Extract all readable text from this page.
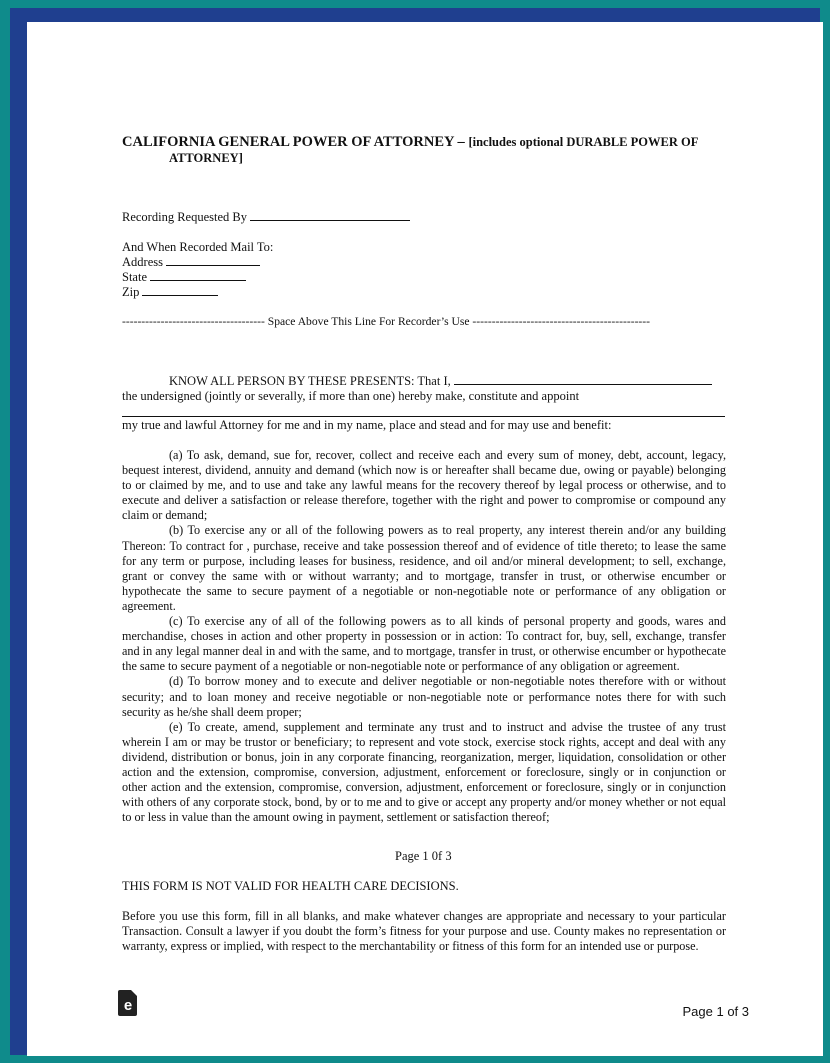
CALIFORNIA GENERAL POWER OF ATTORNEY – [includes optional DURABLE POWER OF
ATTORNEY]
Recording Requested By
And When Recorded Mail To:
Address
State
Zip
------------------------------------- Space Above This Line For Recorder’s Use ----------------------------------------------
KNOW ALL PERSON BY THESE PRESENTS: That I,
the undersigned (jointly or severally, if more than one) hereby make, constitute and appoint
my true and lawful Attorney for me and in my name, place and stead and for may use and benefit:

(a) To ask, demand, sue for, recover, collect and receive each and every sum of money, debt, account, legacy, bequest interest, dividend, annuity and demand (which now is or hereafter shall became due, owing or payable) belonging to or claimed by me, and to use and take any lawful means for the recovery thereof by legal process or otherwise, and to execute and deliver a satisfaction or release therefore, together with the right and power to compromise or compound any claim or demand;

(b) To exercise any or all of the following powers as to real property, any interest therein and/or any building Thereon: To contract for , purchase, receive and take possession thereof and of evidence of title thereto; to lease the same for any term or purpose, including leases for business, residence, and oil and/or mineral development; to sell, exchange, grant or convey the same with or without warranty; and to mortgage, transfer in trust, or otherwise encumber or hypothecate the same to secure payment of a negotiable or non-negotiable note or performance of any obligation or agreement.

(c) To exercise any of all of the following powers as to all kinds of personal property and goods, wares and merchandise, choses in action and other property in possession or in action: To contract for, buy, sell, exchange, transfer and in any legal manner deal in and with the same, and to mortgage, transfer in trust, or otherwise encumber or hypothecate the same to secure payment of a negotiable or non-negotiable note or performance of any obligation or agreement.

(d) To borrow money and to execute and deliver negotiable or non-negotiable notes therefore with or without security; and to loan money and receive negotiable or non-negotiable note or performance notes there for with such security as he/she shall deem proper;

(e) To create, amend, supplement and terminate any trust and to instruct and advise the trustee of any trust wherein I am or may be trustor or beneficiary; to represent and vote stock, exercise stock rights, accept and deal with any dividend, distribution or bonus, join in any corporate financing, reorganization, merger, liquidation, consolidation or other action and the extension, compromise, conversion, adjustment, enforcement or foreclosure, singly or in conjunction or other action and the extension, compromise, conversion, adjustment, enforcement or foreclosure, singly or in conjunction with others of any corporate stock, bond, by or to me and to give or accept any property and/or money whether or not equal to or less in value than the amount owing in payment, settlement or satisfaction thereof;

Page 1 0f 3
THIS FORM IS NOT VALID FOR HEALTH CARE DECISIONS.

Before you use this form, fill in all blanks, and make whatever changes are appropriate and necessary to your particular Transaction. Consult a lawyer if you doubt the form’s fitness for your purpose and use. County makes no representation or warranty, express or implied, with respect to the merchantability or fitness of this form for an intended use or purpose.

e	Page 1 of 3
